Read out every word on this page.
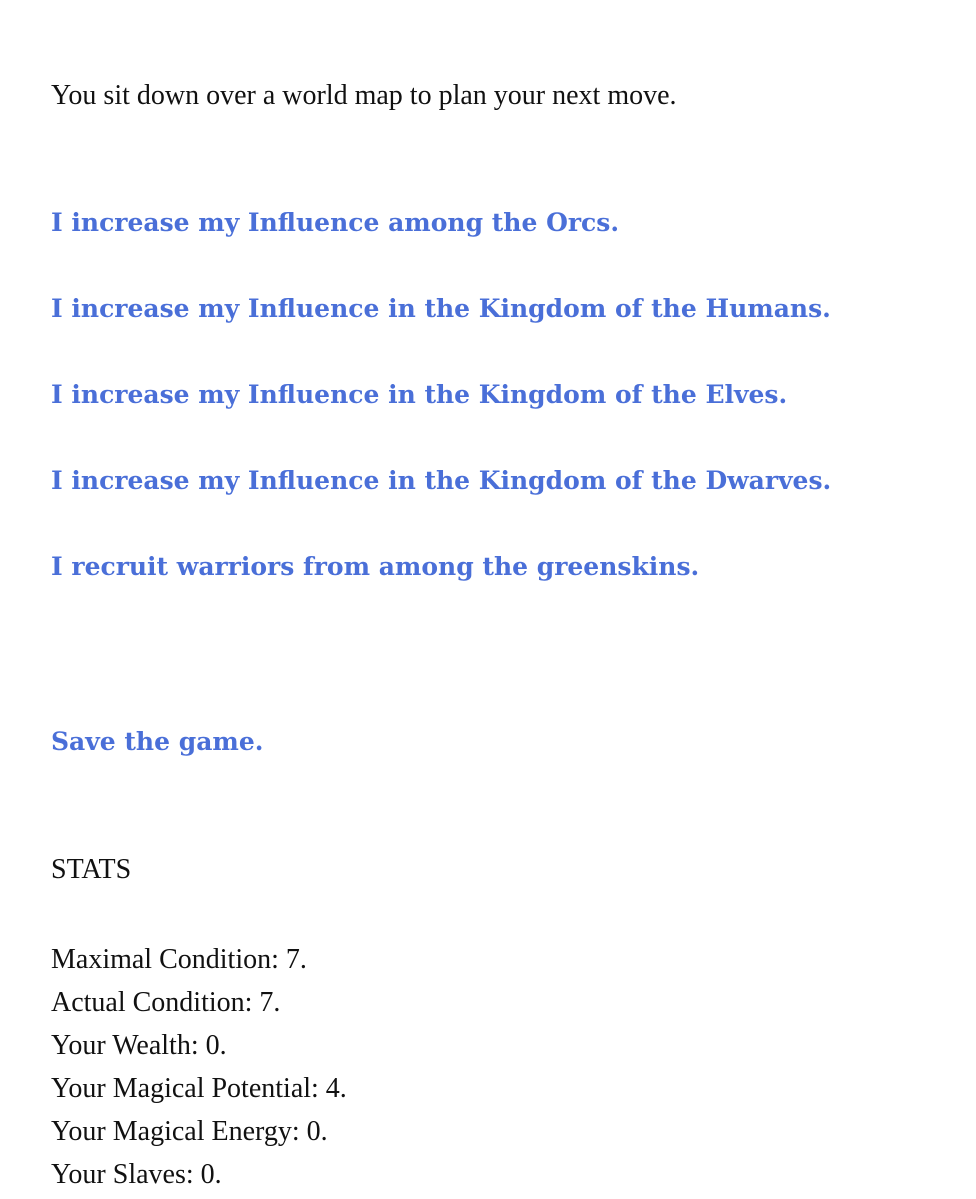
You sit down over a world map to plan your next move.
I increase my Influence among the Orcs.
I increase my Influence in the Kingdom of the Humans.
I increase my Influence in the Kingdom of the Elves.
I increase my Influence in the Kingdom of the Dwarves.
I recruit warriors from among the greenskins.
Save the game.
STATS
Maximal Condition: 7.
Actual Condition: 7.
Your Wealth: 0.
Your Magical Potential: 4.
Your Magical Energy: 0.
Your Slaves: 0.
